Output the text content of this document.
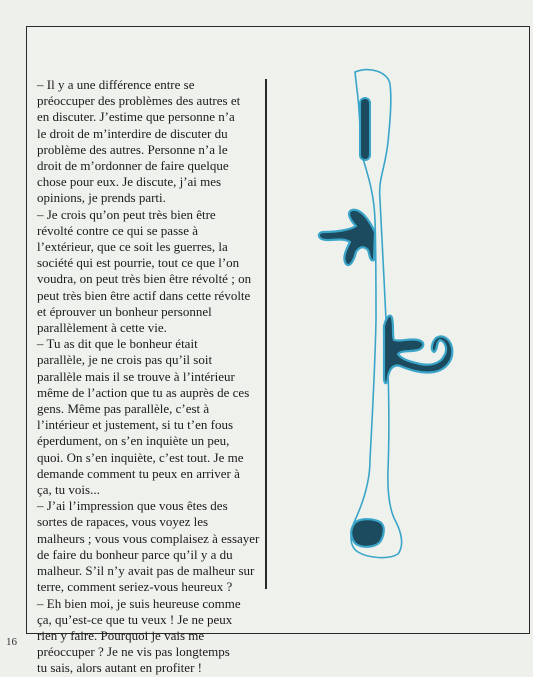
– Il y a une différence entre se
préoccuper des problèmes des autres et
en discuter. J’estime que personne n’a
le droit de m’interdire de discuter du
problème des autres. Personne n’a le
droit de m’ordonner de faire quelque
chose pour eux. Je discute, j’ai mes
opinions, je prends parti.

– Je crois qu’on peut très bien être
révolté contre ce qui se passe à
l’extérieur, que ce soit les guerres, la
société qui est pourrie, tout ce que l’on
voudra, on peut très bien être révolté ; on
peut très bien être actif dans cette révolte
et éprouver un bonheur personnel
parallèlement à cette vie.

– Tu as dit que le bonheur était
parallèle, je ne crois pas qu’il soit
parallèle mais il se trouve à l’intérieur
même de l’action que tu as auprès de ces
gens. Même pas parallèle, c’est à
l’intérieur et justement, si tu t’en fous
éperdument, on s’en inquiète un peu,
quoi. On s’en inquiète, c’est tout. Je me
demande comment tu peux en arriver à
ça, tu vois...

– J’ai l’impression que vous êtes des
sortes de rapaces, vous voyez les
malheurs ; vous vous complaisez à essayer
de faire du bonheur parce qu’il y a du
malheur. S’il n’y avait pas de malheur sur
terre, comment seriez-vous heureux ?

– Eh bien moi, je suis heureuse comme
ça, qu’est-ce que tu veux ! Je ne peux
rien y faire. Pourquoi je vais me
préoccuper ? Je ne vis pas longtemps
tu sais, alors autant en profiter !

16
